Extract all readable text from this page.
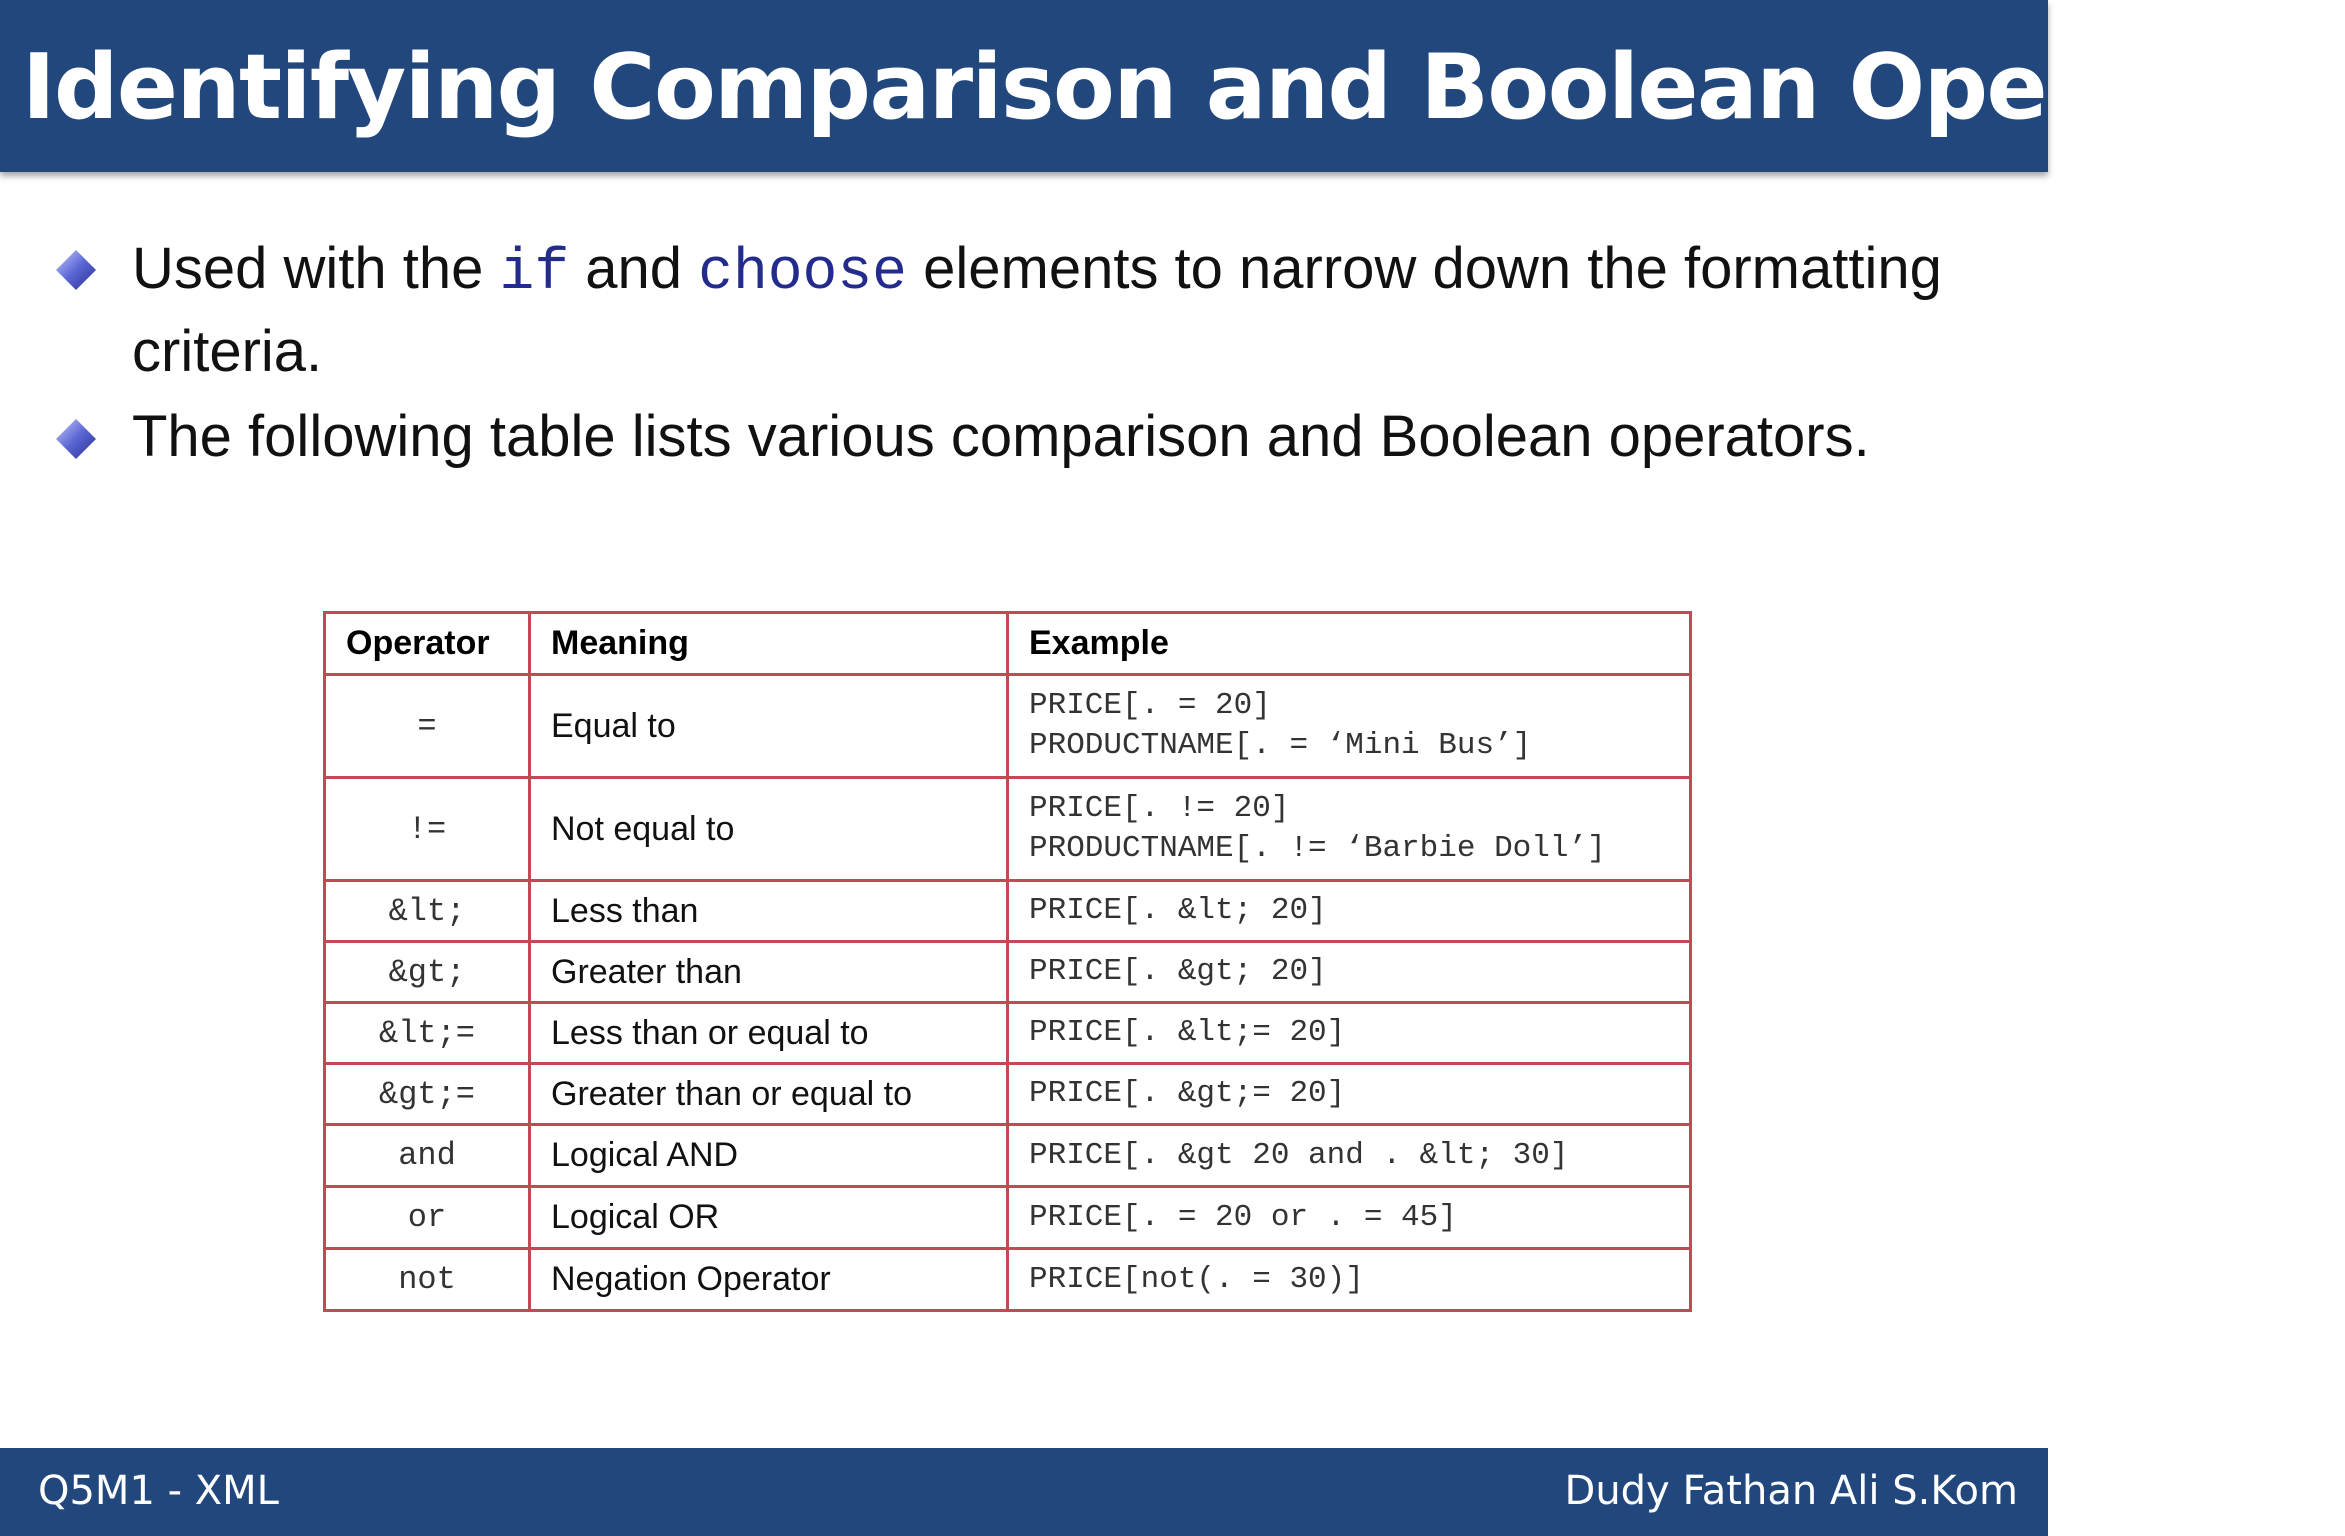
Identifying Comparison and Boolean Operators
Used with the if and choose elements to narrow down the formatting criteria.
The following table lists various comparison and Boolean operators.
Operator	Meaning	Example
=	Equal to	PRICE[. = 20]
PRODUCTNAME[. = ‘Mini Bus’]

!=	Not equal to	PRICE[. != 20]
PRODUCTNAME[. != ‘Barbie Doll’]

&lt;	Less than	PRICE[. &lt; 20]
&gt;	Greater than	PRICE[. &gt; 20]
&lt;=	Less than or equal to	PRICE[. &lt;= 20]
&gt;=	Greater than or equal to	PRICE[. &gt;= 20]
and	Logical AND	PRICE[. &gt 20 and . &lt; 30]
or	Logical OR	PRICE[. = 20 or . = 45]
not	Negation Operator	PRICE[not(. = 30)]
Q5M1 - XML	Dudy Fathan Ali S.Kom
